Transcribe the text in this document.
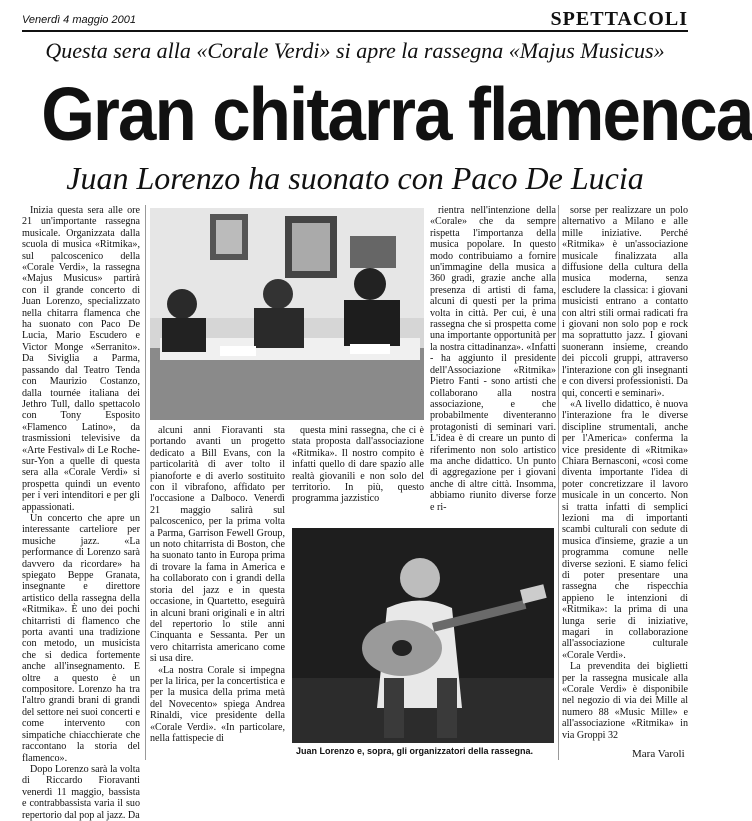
Venerdì 4 maggio 2001	SPETTACOLI
Questa sera alla «Corale Verdi» si apre la rassegna «Majus Musicus»
Gran chitarra flamenca
Juan Lorenzo ha suonato con Paco De Lucia

Inizia questa sera alle ore 21 un'importante rassegna musicale. Organizzata dalla scuola di musica «Ritmika», sul palcoscenico della «Corale Verdi», la rassegna «Majus Musicus» partirà con il grande concerto di Juan Lorenzo, specializzato nella chitarra flamenca che ha suonato con Paco De Lucia, Mario Escudero e Victor Monge «Serranito». Da Siviglia a Parma, passando dal Teatro Tenda con Maurizio Costanzo, dalla tournée italiana dei Jethro Tull, dallo spettacolo con Tony Esposito «Flamenco Latino», da trasmissioni televisive da «Arte Festival» di Le Roche-sur-Yon a quelle di questa sera alla «Corale Verdi» si prospetta quindi un evento per i veri intenditori e per gli appassionati.

Un concerto che apre un interessante carteliore per musiche jazz. «La performance di Lorenzo sarà davvero da ricordare» ha spiegato Beppe Granata, insegnante e direttore artistico della rassegna della «Ritmika». È uno dei pochi chitarristi di flamenco che porta avanti una tradizione con metodo, un musicista che si dedica fortemente anche all'insegnamento. E oltre a questo è un compositore. Lorenzo ha tra l'altro grandi brani di grandi del settore nei suoi concerti e come intervento con simpatiche chiacchierate che raccontano la storia del flamenco».

Dopo Lorenzo sarà la volta di Riccardo Fioravanti venerdì 11 maggio, bassista e contrabbassista varia il suo repertorio dal pop al jazz. Da

rientra nell'intenzione della «Corale» che da sempre rispetta l'importanza della musica popolare. In questo modo contribuiamo a fornire un'immagine della musica a 360 gradi, grazie anche alla presenza di artisti di fama, alcuni di questi per la prima volta in città. Per cui, è una rassegna che si prospetta come una importante opportunità per la nostra cittadinanza». «Infatti - ha aggiunto il presidente dell'Associazione «Ritmika» Pietro Fanti - sono artisti che collaborano alla nostra associazione, e che probabilmente diventeranno protagonisti di seminari vari. L'idea è di creare un punto di riferimento non solo artistico ma anche didattico. Un punto di aggregazione per i giovani anche di altre città. Insomma, abbiamo riunito diverse forze e ri-

alcuni anni Fioravanti sta portando avanti un progetto dedicato a Bill Evans, con la particolarità di aver tolto il pianoforte e di averlo sostituito con il vibrafono, affidato per l'occasione a Dalboco. Venerdì 21 maggio salirà sul palcoscenico, per la prima volta a Parma, Garrison Fewell Group, un noto chitarrista di Boston, che ha suonato tanto in Europa prima di trovare la fama in America e ha collaborato con i grandi della storia del jazz e in questa occasione, in Quartetto, eseguirà in alcuni brani originali e in altri del repertorio lo stile anni Cinquanta e Sessanta. Per un vero chitarrista americano come si usa dire.

«La nostra Corale si impegna per la lirica, per la concertistica e per la musica della prima metà del Novecento» spiega Andrea Rinaldi, vice presidente della «Corale Verdi». «In particolare, nella fattispecie di

questa mini rassegna, che ci è stata proposta dall'associazione «Ritmika». Il nostro compito è infatti quello di dare spazio alle realtà giovanili e non solo del territorio. In più, questo programma jazzistico

Juan Lorenzo e, sopra, gli organizzatori della rassegna.

sorse per realizzare un polo alternativo a Milano e alle mille iniziative. Perché «Ritmika» è un'associazione musicale finalizzata alla diffusione della cultura della musica moderna, senza escludere la classica: i giovani musicisti entrano a contatto con altri stili ormai radicati fra i giovani non solo pop e rock ma soprattutto jazz. I giovani suonerann insieme, creando dei piccoli gruppi, attraverso l'interazione con gli insegnanti e con diversi professionisti. Da qui, concerti e seminari».

«A livello didattico, è nuova l'interazione fra le diverse discipline strumentali, anche per l'America» conferma la vice presidente di «Ritmika» Chiara Bernasconi, «così come diventa importante l'idea di poter concretizzare il lavoro musicale in un concerto. Non si tratta infatti di semplici lezioni ma di importanti scambi culturali con sedute di musica d'insieme, grazie a un programma comune nelle diverse sezioni. E siamo felici di poter presentare una rassegna che rispecchia appieno le intenzioni di «Ritmika»: la prima di una lunga serie di iniziative, magari in collaborazione all'associazione culturale «Corale Verdi».

La prevendita dei biglietti per la rassegna musicale alla «Corale Verdi» è disponibile nel negozio di via dei Mille al numero 88 «Music Mille» e all'associazione «Ritmika» in via Groppi 32

Mara Varoli
